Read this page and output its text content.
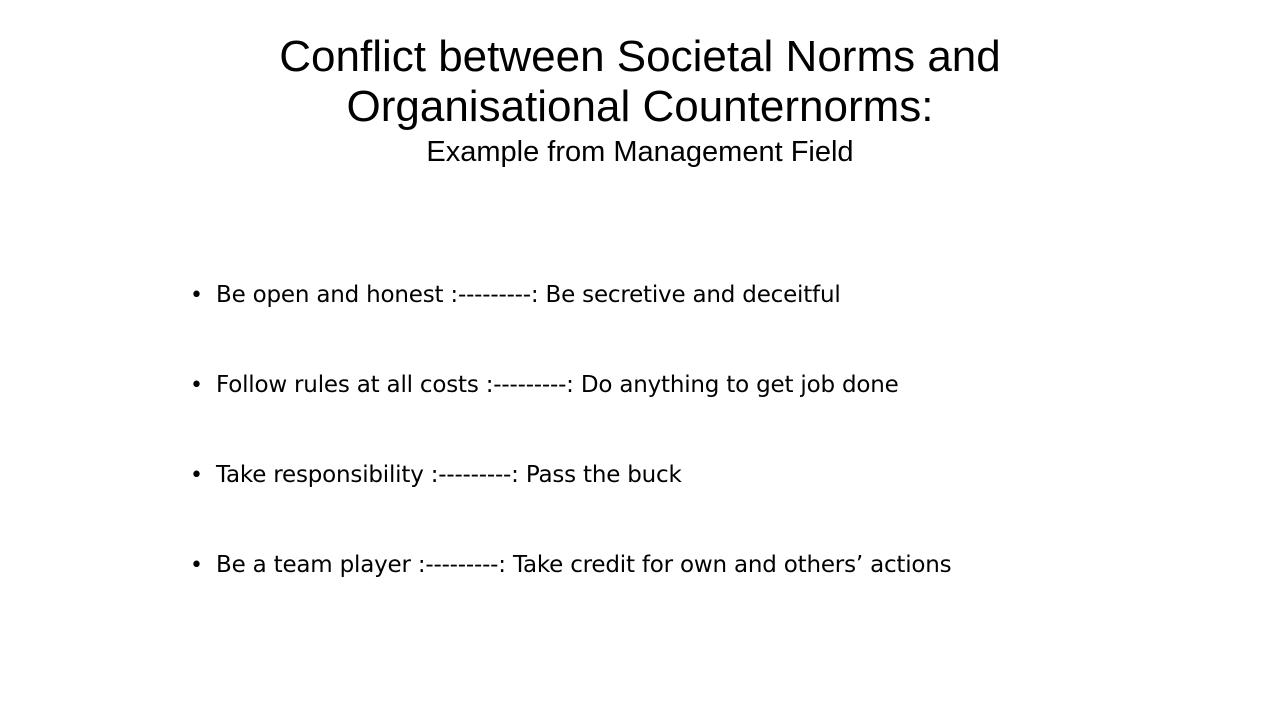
Conflict between Societal Norms and
Organisational Counternorms:
Example from Management Field
• Be open and honest :---------: Be secretive and deceitful
• Follow rules at all costs :---------: Do anything to get job done
• Take responsibility :---------: Pass the buck
• Be a team player :---------: Take credit for own and others’ actions
